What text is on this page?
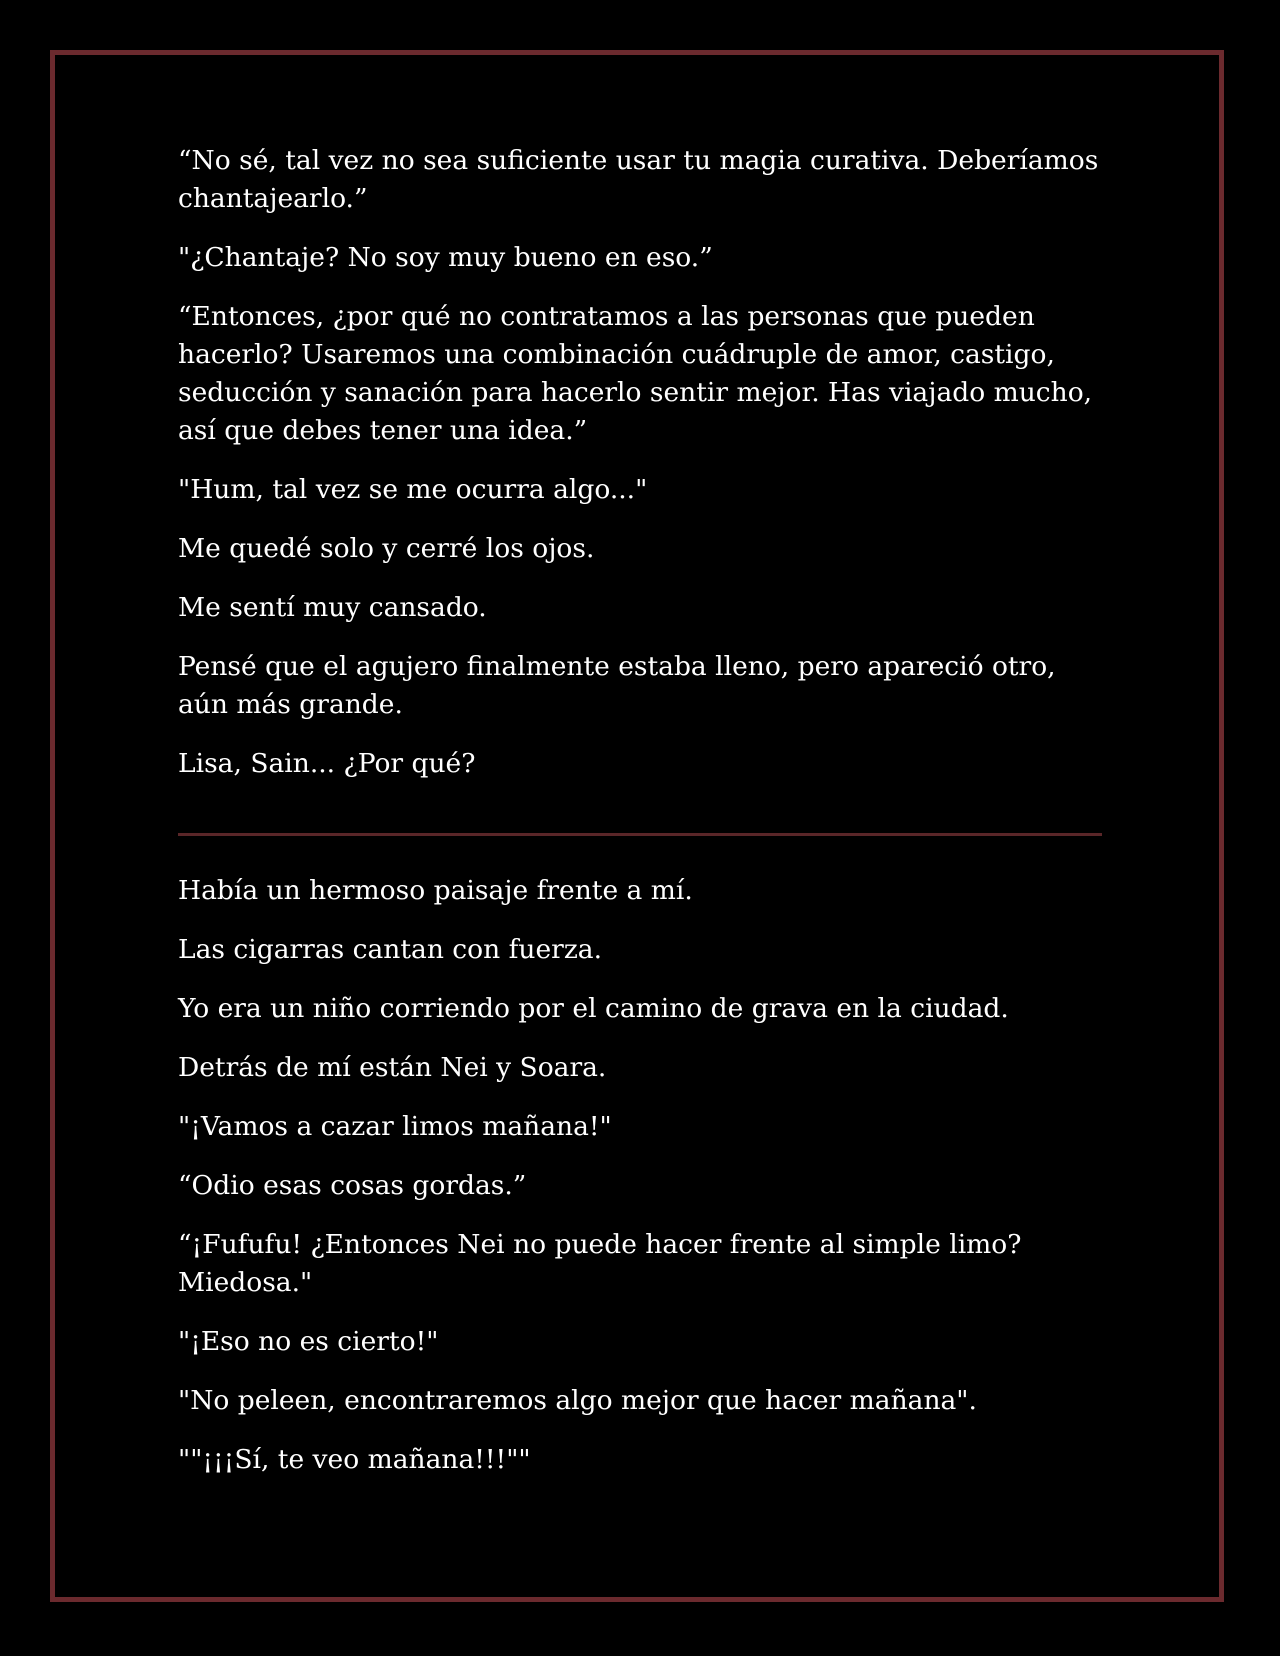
“No sé, tal vez no sea suficiente usar tu magia curativa. Deberíamos chantajearlo.”

"¿Chantaje? No soy muy bueno en eso.”

“Entonces, ¿por qué no contratamos a las personas que pueden hacerlo? Usaremos una combinación cuádruple de amor, castigo, seducción y sanación para hacerlo sentir mejor. Has viajado mucho, así que debes tener una idea.”

"Hum, tal vez se me ocurra algo..."

Me quedé solo y cerré los ojos.

Me sentí muy cansado.

Pensé que el agujero finalmente estaba lleno, pero apareció otro, aún más grande.

Lisa, Sain... ¿Por qué?

Había un hermoso paisaje frente a mí.

Las cigarras cantan con fuerza.

Yo era un niño corriendo por el camino de grava en la ciudad.

Detrás de mí están Nei y Soara.

"¡Vamos a cazar limos mañana!"

“Odio esas cosas gordas.”

“¡Fufufu! ¿Entonces Nei no puede hacer frente al simple limo? Miedosa."

"¡Eso no es cierto!"

"No peleen, encontraremos algo mejor que hacer mañana".

""¡¡¡Sí, te veo mañana!!!""
